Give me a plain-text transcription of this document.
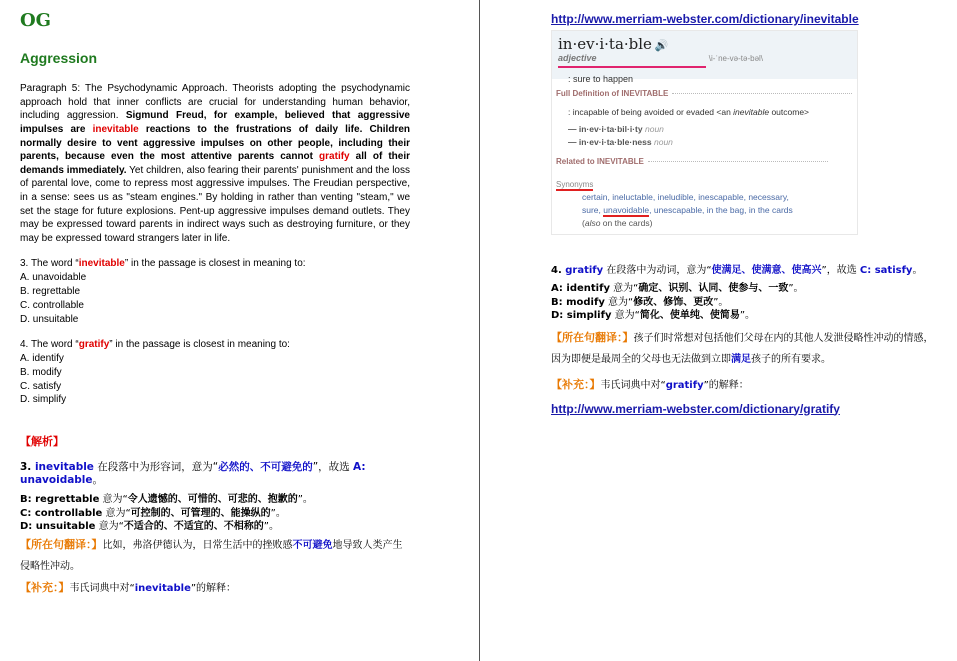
OG
Aggression
Paragraph 5: The Psychodynamic Approach. Theorists adopting the psychodynamic approach hold that inner conflicts are crucial for understanding human behavior, including aggression. Sigmund Freud, for example, believed that aggressive impulses are inevitable reactions to the frustrations of daily life. Children normally desire to vent aggressive impulses on other people, including their parents, because even the most attentive parents cannot gratify all of their demands immediately. Yet children, also fearing their parents' punishment and the loss of parental love, come to repress most aggressive impulses. The Freudian perspective, in a sense: sees us as "steam engines." By holding in rather than venting "steam," we set the stage for future explosions. Pent-up aggressive impulses demand outlets. They may be expressed toward parents in indirect ways such as destroying furniture, or they may be expressed toward strangers later in life.
3. The word “inevitable” in the passage is closest in meaning to:
A. unavoidable
B. regrettable
C. controllable
D. unsuitable
4. The word “gratify” in the passage is closest in meaning to:
A. identify
B. modify
C. satisfy
D. simplify
【解析】
3. inevitable 在段落中为形容词，意为“必然的、不可避免的”，故选 A: unavoidable。
B: regrettable 意为“令人遗憾的、可惜的、可悲的、抱歉的”。
C: controllable 意为“可控制的、可管理的、能操纵的”。
D: unsuitable 意为“不适合的、不适宜的、不相称的”。
【所在句翻译：】比如，弗洛伊德认为，日常生活中的挫败感不可避免地导致人类产生侵略性冲动。
【补充：】韦氏词典中对“inevitable”的解释：
http://www.merriam-webster.com/dictionary/inevitable
in·ev·i·ta·ble 🔊 adjective	\i-ˈne-və-tə-bəl\
: sure to happen
Full Definition of INEVITABLE
: incapable of being avoided or evaded <an inevitable outcome>
— in·ev·i·ta·bil·i·ty noun
— in·ev·i·ta·ble·ness noun
Related to INEVITABLE
Synonyms
certain, ineluctable, ineludible, inescapable, necessary,
sure, unavoidable, unescapable, in the bag, in the cards
(also on the cards)
4. gratify 在段落中为动词，意为“使满足、使满意、使高兴”，故选 C: satisfy。
A: identify 意为“确定、识别、认同、使参与、一致”。
B: modify 意为“修改、修饰、更改”。
D: simplify 意为“简化、使单纯、使简易”。
【所在句翻译：】孩子们时常想对包括他们父母在内的其他人发泄侵略性冲动的情感，因为即便是最周全的父母也无法做到立即满足孩子的所有要求。
【补充：】韦氏词典中对“gratify”的解释：
http://www.merriam-webster.com/dictionary/gratify
